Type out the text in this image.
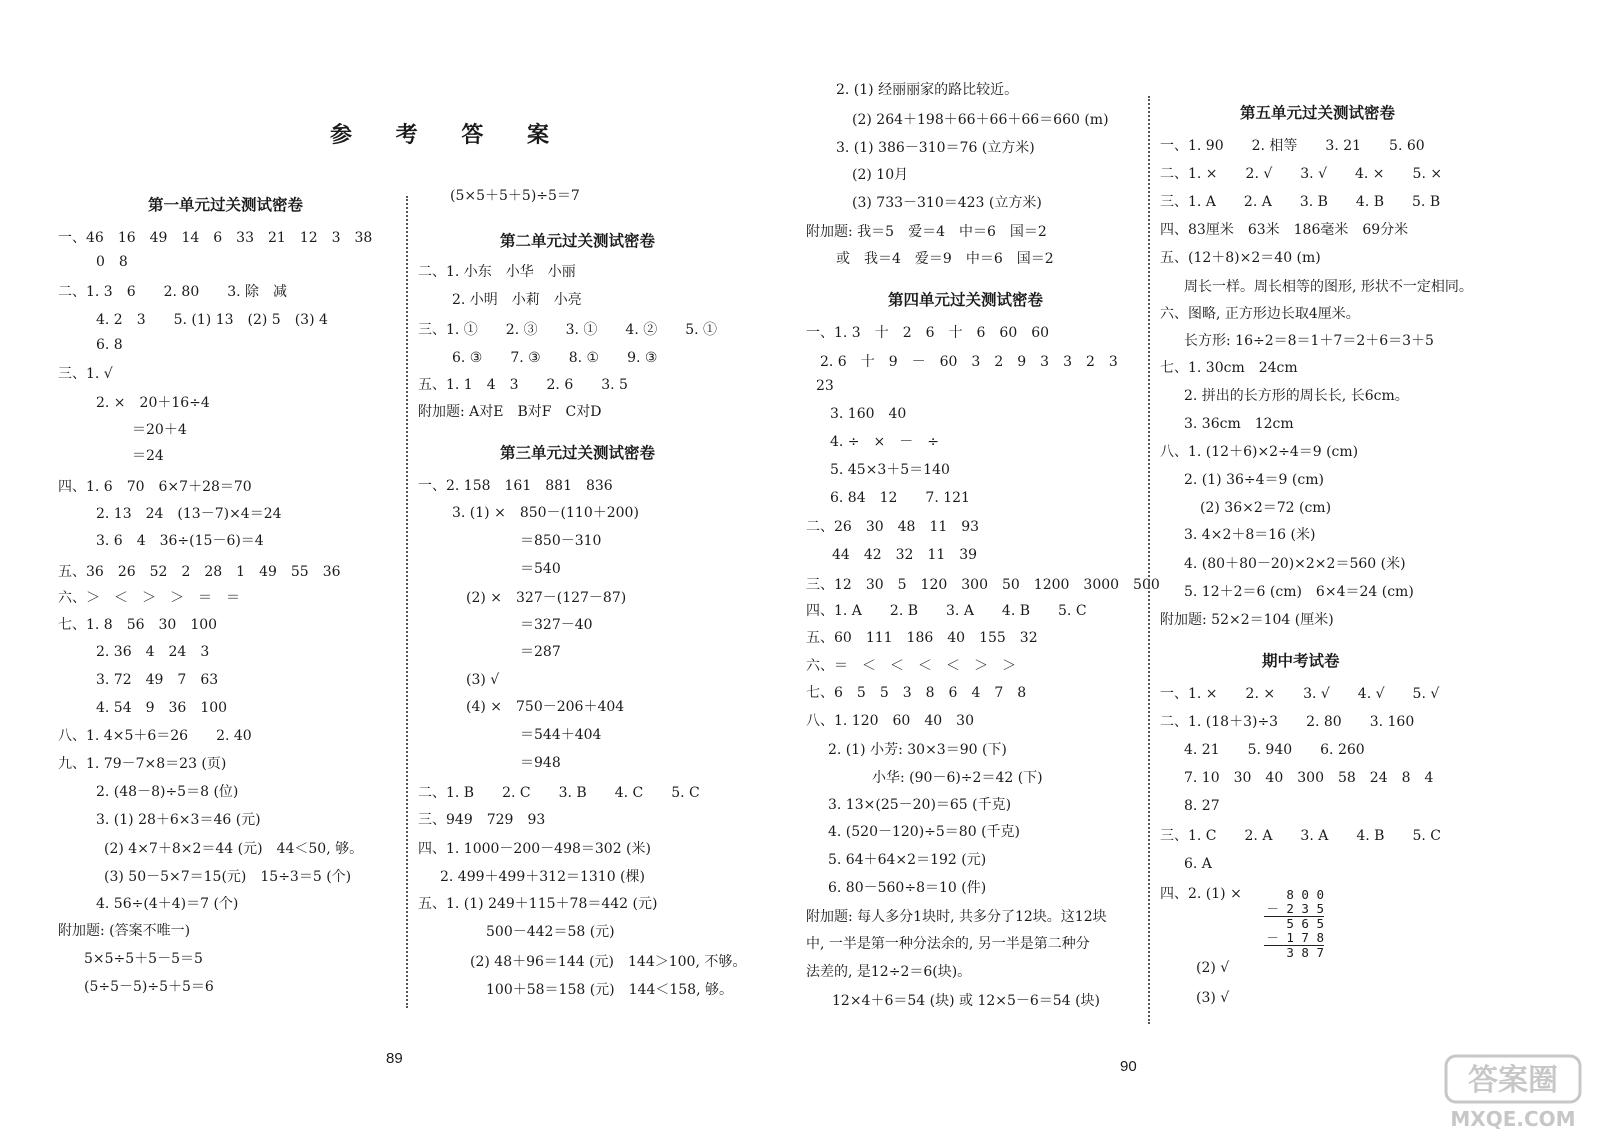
参 考 答 案
第一单元过关测试密卷
一、46　16　49　14　6　33　21　12　3　38
0　8
二、1. 3　6　　2. 80　　3. 除　减
4. 2　3　　5. (1) 13　(2) 5　(3) 4
6. 8
三、1. √
2. ×　20＋16÷4
＝20＋4
＝24
四、1. 6　70　6×7＋28＝70
2. 13　24　(13－7)×4＝24
3. 6　4　36÷(15－6)＝4
五、36　26　52　2　28　1　49　55　36
六、＞　＜　＞　＞　＝　＝
七、1. 8　56　30　100
2. 36　4　24　3
3. 72　49　7　63
4. 54　9　36　100
八、1. 4×5＋6＝26　　2. 40
九、1. 79－7×8＝23 (页)
2. (48－8)÷5＝8 (位)
3. (1) 28＋6×3＝46 (元)
(2) 4×7＋8×2＝44 (元)　44＜50, 够。
(3) 50－5×7＝15(元)　15÷3＝5 (个)
4. 56÷(4＋4)＝7 (个)
附加题: (答案不唯一)
5×5÷5＋5－5＝5
(5÷5－5)÷5＋5＝6
(5×5＋5＋5)÷5＝7
第二单元过关测试密卷
二、1. 小东　小华　小丽
2. 小明　小莉　小亮
三、1. ①　　2. ③　　3. ①　　4. ②　　5. ①
6. ③　　7. ③　　8. ①　　9. ③
五、1. 1　4　3　　2. 6　　3. 5
附加题: A对E　B对F　C对D
第三单元过关测试密卷
一、2. 158　161　881　836
3. (1) ×　850－(110＋200)
＝850－310
＝540
(2) ×　327－(127－87)
＝327－40
＝287
(3) √
(4) ×　750－206＋404
＝544＋404
＝948
二、1. B　　2. C　　3. B　　4. C　　5. C
三、949　729　93
四、1. 1000－200－498＝302 (米)
2. 499＋499＋312＝1310 (棵)
五、1. (1) 249＋115＋78＝442 (元)
500－442＝58 (元)
(2) 48＋96＝144 (元)　144＞100, 不够。
100＋58＝158 (元)　144＜158, 够。
2. (1) 经丽丽家的路比较近。
(2) 264＋198＋66＋66＋66＝660 (m)
3. (1) 386－310＝76 (立方米)
(2) 10月
(3) 733－310＝423 (立方米)
附加题: 我＝5　爱＝4　中＝6　国＝2
或　我＝4　爱＝9　中＝6　国＝2
第四单元过关测试密卷
一、1. 3　十　2　6　十　6　60　60
2. 6　十　9　－　60　3　2　9　3　3　2　3
23
3. 160　40
4. ÷　×　－　÷
5. 45×3＋5＝140
6. 84　12　　7. 121
二、26　30　48　11　93
44　42　32　11　39
三、12　30　5　120　300　50　1200　3000　500
四、1. A　　2. B　　3. A　　4. B　　5. C
五、60　111　186　40　155　32
六、＝　＜　＜　＜　＜　＞　＞
七、6　5　5　3　8　6　4　7　8
八、1. 120　60　40　30
2. (1) 小芳: 30×3＝90 (下)
小华: (90－6)÷2＝42 (下)
3. 13×(25－20)＝65 (千克)
4. (520－120)÷5＝80 (千克)
5. 64＋64×2＝192 (元)
6. 80－560÷8＝10 (件)
附加题: 每人多分1块时, 共多分了12块。这12块
中, 一半是第一种分法余的, 另一半是第二种分
法差的, 是12÷2＝6(块)。
12×4＋6＝54 (块) 或 12×5－6＝54 (块)
第五单元过关测试密卷
一、1. 90　　2. 相等　　3. 21　　5. 60
二、1. ×　　2. √　　3. √　　4. ×　　5. ×
三、1. A　　2. A　　3. B　　4. B　　5. B
四、83厘米　63米　186毫米　69分米
五、(12＋8)×2＝40 (m)
周长一样。周长相等的图形, 形状不一定相同。
六、图略, 正方形边长取4厘米。
长方形: 16÷2＝8＝1＋7＝2＋6＝3＋5
七、1. 30cm　24cm
2. 拼出的长方形的周长长, 长6cm。
3. 36cm　12cm
八、1. (12＋6)×2÷4＝9 (cm)
2. (1) 36÷4＝9 (cm)
(2) 36×2＝72 (cm)
3. 4×2＋8＝16 (米)
4. (80＋80－20)×2×2＝560 (米)
5. 12＋2＝6 (cm)　6×4＝24 (cm)
附加题: 52×2＝104 (厘米)
期中考试卷
一、1. ×　　2. ×　　3. √　　4. √　　5. √
二、1. (18＋3)÷3　　2. 80　　3. 160
4. 21　　5. 940　　6. 260
7. 10　30　40　300　58　24　8　4
8. 27
三、1. C　　2. A　　3. A　　4. B　　5. C
6. A
四、2. (1) ×
(2) √
(3) √
8 0 0
－ 2 3 5
5 6 5
－ 1 7 8
3 8 7
89	90	答案圈
MXQE.COM
